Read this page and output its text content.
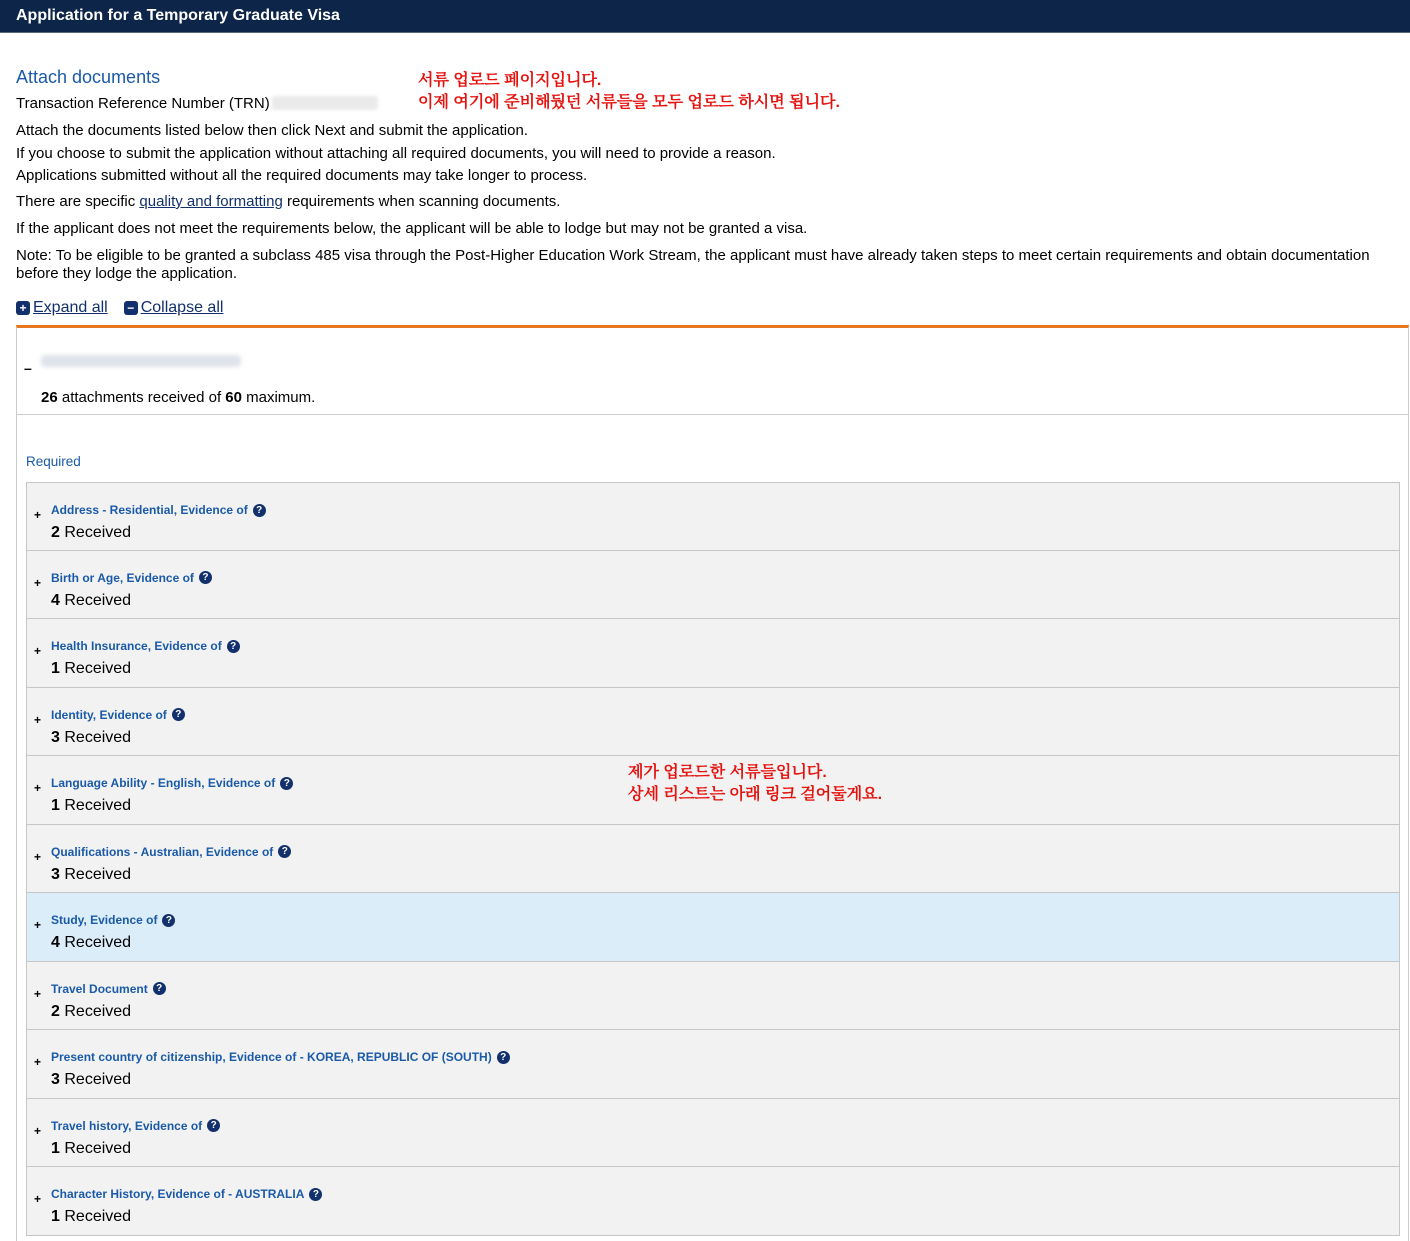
Application for a Temporary Graduate Visa
Attach documents
Transaction Reference Number (TRN)
서류 업로드 페이지입니다.
이제 여기에 준비해뒀던 서류들을 모두 업로드 하시면 됩니다.
Attach the documents listed below then click Next and submit the application.
If you choose to submit the application without attaching all required documents, you will need to provide a reason.
Applications submitted without all the required documents may take longer to process.
There are specific quality and formatting requirements when scanning documents.
If the applicant does not meet the requirements below, the applicant will be able to lodge but may not be granted a visa.
Note: To be eligible to be granted a subclass 485 visa through the Post-Higher Education Work Stream, the applicant must have already taken steps to meet certain requirements and obtain documentation before they lodge the application.
+ Expand all − Collapse all
–
26 attachments received of 60 maximum.
Required
+ Address - Residential, Evidence of ?
2 Received
+ Birth or Age, Evidence of ?
4 Received
+ Health Insurance, Evidence of ?
1 Received
+ Identity, Evidence of ?
3 Received
+ Language Ability - English, Evidence of ?
1 Received
+ Qualifications - Australian, Evidence of ?
3 Received
+ Study, Evidence of ?
4 Received
+ Travel Document ?
2 Received
+ Present country of citizenship, Evidence of - KOREA, REPUBLIC OF (SOUTH) ?
3 Received
+ Travel history, Evidence of ?
1 Received
+ Character History, Evidence of - AUSTRALIA ?
1 Received
제가 업로드한 서류들입니다.
상세 리스트는 아래 링크 걸어둘게요.
